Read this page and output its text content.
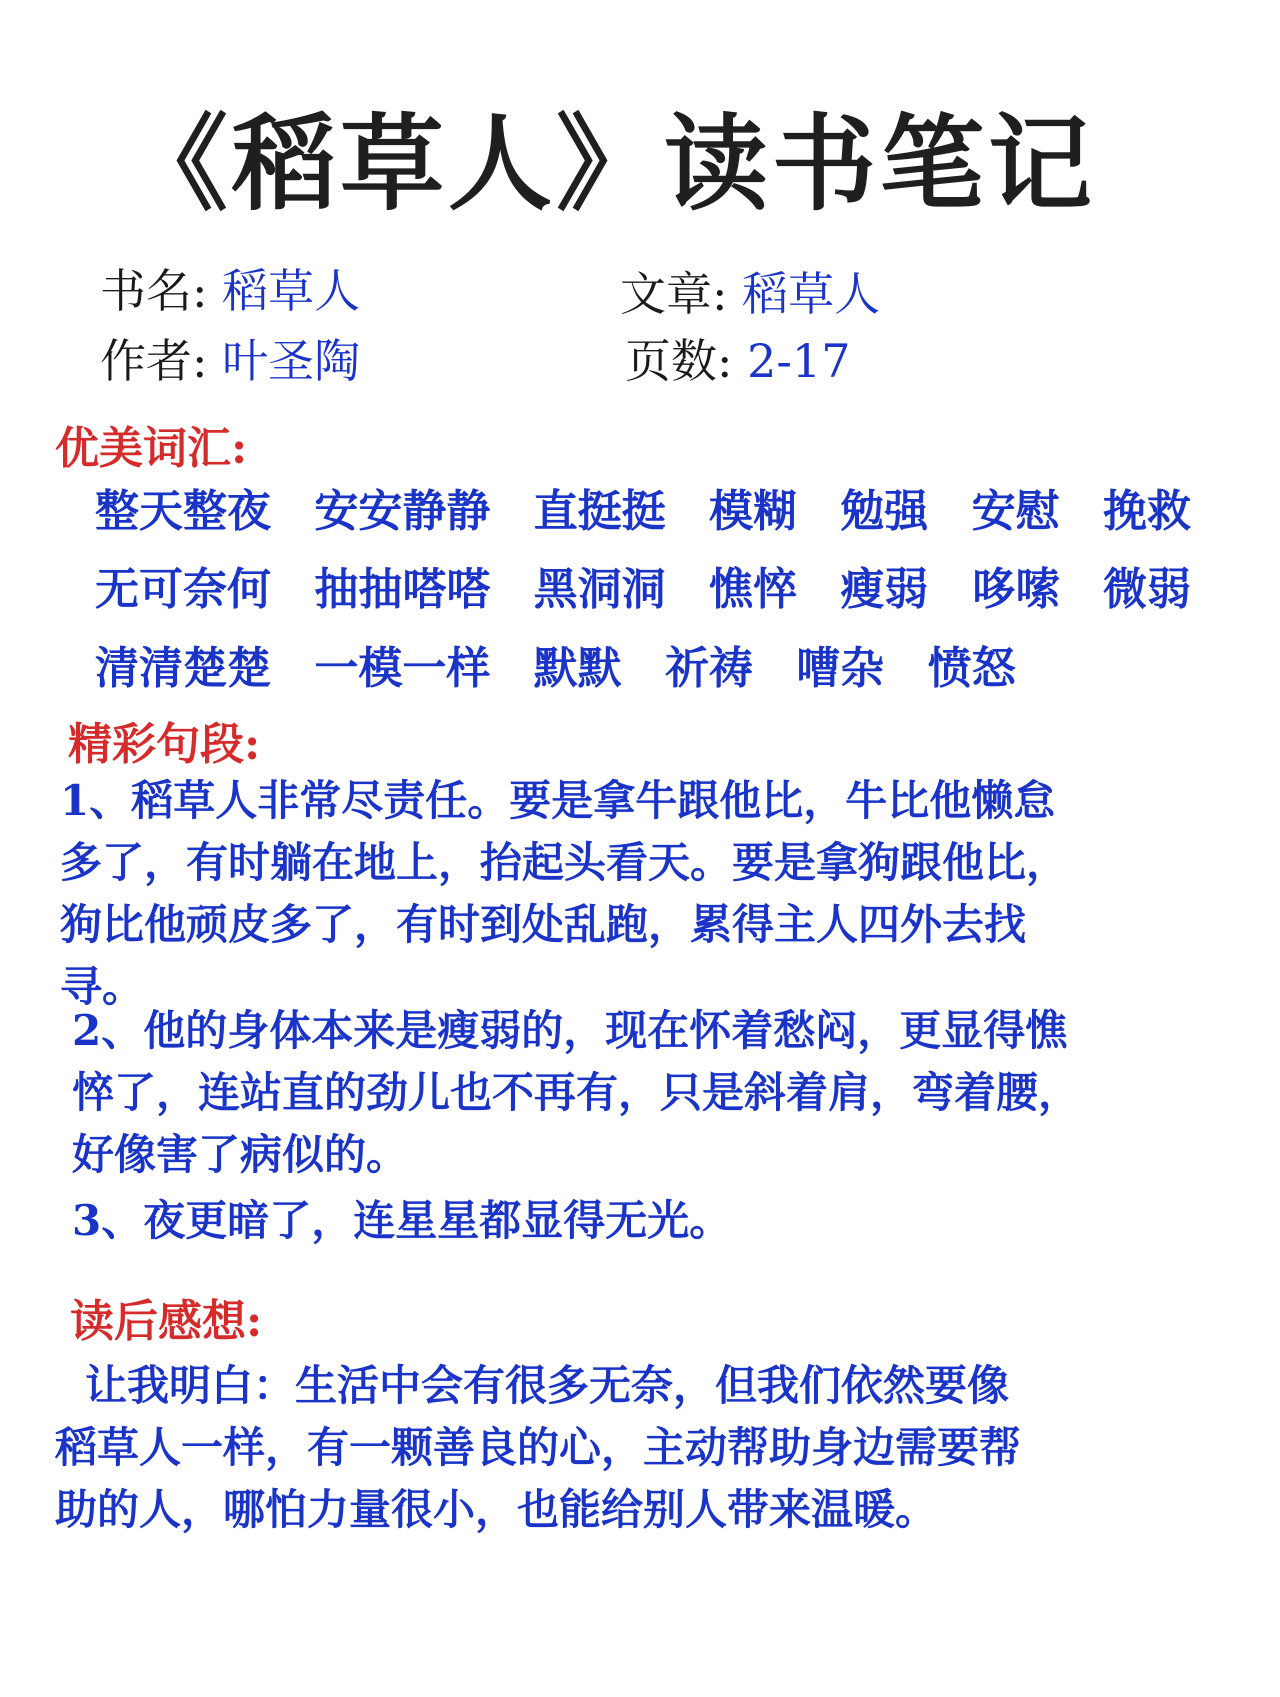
《稻草人》读书笔记
书名: 稻草人	文章: 稻草人
作者: 叶圣陶	页数: 2-17
优美词汇:
整天整夜 安安静静 直挺挺 模糊 勉强 安慰 挽救
无可奈何 抽抽嗒嗒 黑洞洞 憔悴 瘦弱 哆嗦 微弱
清清楚楚 一模一样 默默 祈祷 嘈杂 愤怒
精彩句段:
1、稻草人非常尽责任。要是拿牛跟他比，牛比他懒怠
多了，有时躺在地上，抬起头看天。要是拿狗跟他比，
狗比他顽皮多了，有时到处乱跑，累得主人四外去找
寻。
2、他的身体本来是瘦弱的，现在怀着愁闷，更显得憔
悴了，连站直的劲儿也不再有，只是斜着肩，弯着腰，
好像害了病似的。
3、夜更暗了，连星星都显得无光。
读后感想:
让我明白：生活中会有很多无奈，但我们依然要像
稻草人一样，有一颗善良的心，主动帮助身边需要帮
助的人，哪怕力量很小，也能给别人带来温暖。
